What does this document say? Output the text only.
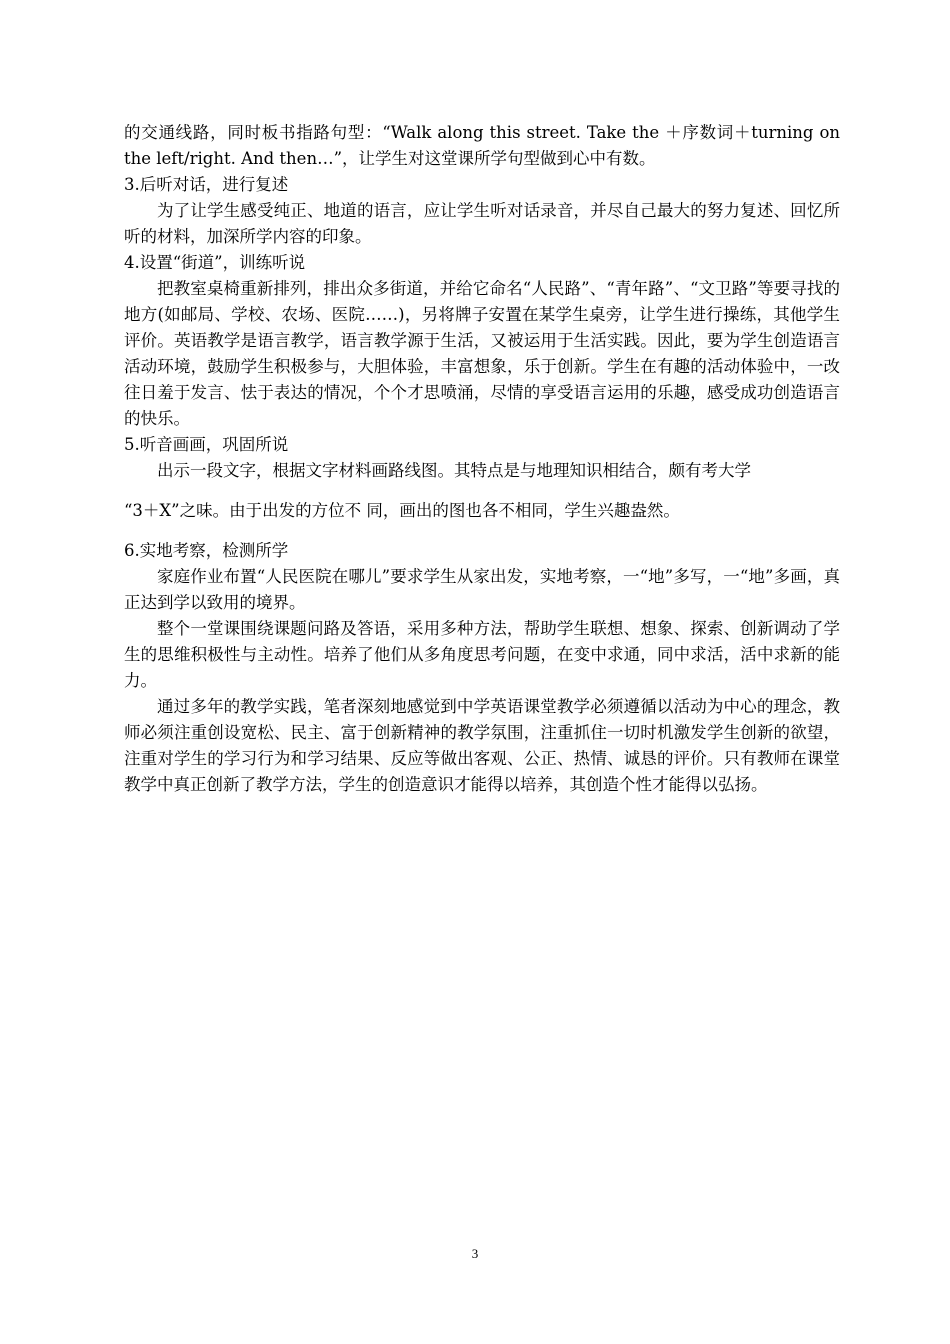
的交通线路，同时板书指路句型：“Walk along this street. Take the ＋序数词＋turning on the left/right. And then…”，让学生对这堂课所学句型做到心中有数。

3.后听对话，进行复述

为了让学生感受纯正、地道的语言，应让学生听对话录音，并尽自己最大的努力复述、回忆所听的材料，加深所学内容的印象。

4.设置“街道”，训练听说

把教室桌椅重新排列，排出众多街道，并给它命名“人民路”、“青年路”、“文卫路”等要寻找的地方(如邮局、学校、农场、医院……)，另将牌子安置在某学生桌旁，让学生进行操练，其他学生评价。英语教学是语言教学，语言教学源于生活，又被运用于生活实践。因此，要为学生创造语言活动环境，鼓励学生积极参与，大胆体验，丰富想象，乐于创新。学生在有趣的活动体验中，一改往日羞于发言、怯于表达的情况，个个才思喷涌，尽情的享受语言运用的乐趣，感受成功创造语言的快乐。

5.听音画画，巩固所说

出示一段文字，根据文字材料画路线图。其特点是与地理知识相结合，颇有考大学

“3＋X”之味。由于出发的方位不 同，画出的图也各不相同，学生兴趣盎然。

6.实地考察，检测所学

家庭作业布置“人民医院在哪儿”要求学生从家出发，实地考察，一“地”多写，一“地”多画，真正达到学以致用的境界。

整个一堂课围绕课题问路及答语，采用多种方法，帮助学生联想、想象、探索、创新调动了学生的思维积极性与主动性。培养了他们从多角度思考问题，在变中求通，同中求活，活中求新的能力。

通过多年的教学实践，笔者深刻地感觉到中学英语课堂教学必须遵循以活动为中心的理念，教师必须注重创设宽松、民主、富于创新精神的教学氛围，注重抓住一切时机激发学生创新的欲望，注重对学生的学习行为和学习结果、反应等做出客观、公正、热情、诚恳的评价。只有教师在课堂教学中真正创新了教学方法，学生的创造意识才能得以培养，其创造个性才能得以弘扬。

3
